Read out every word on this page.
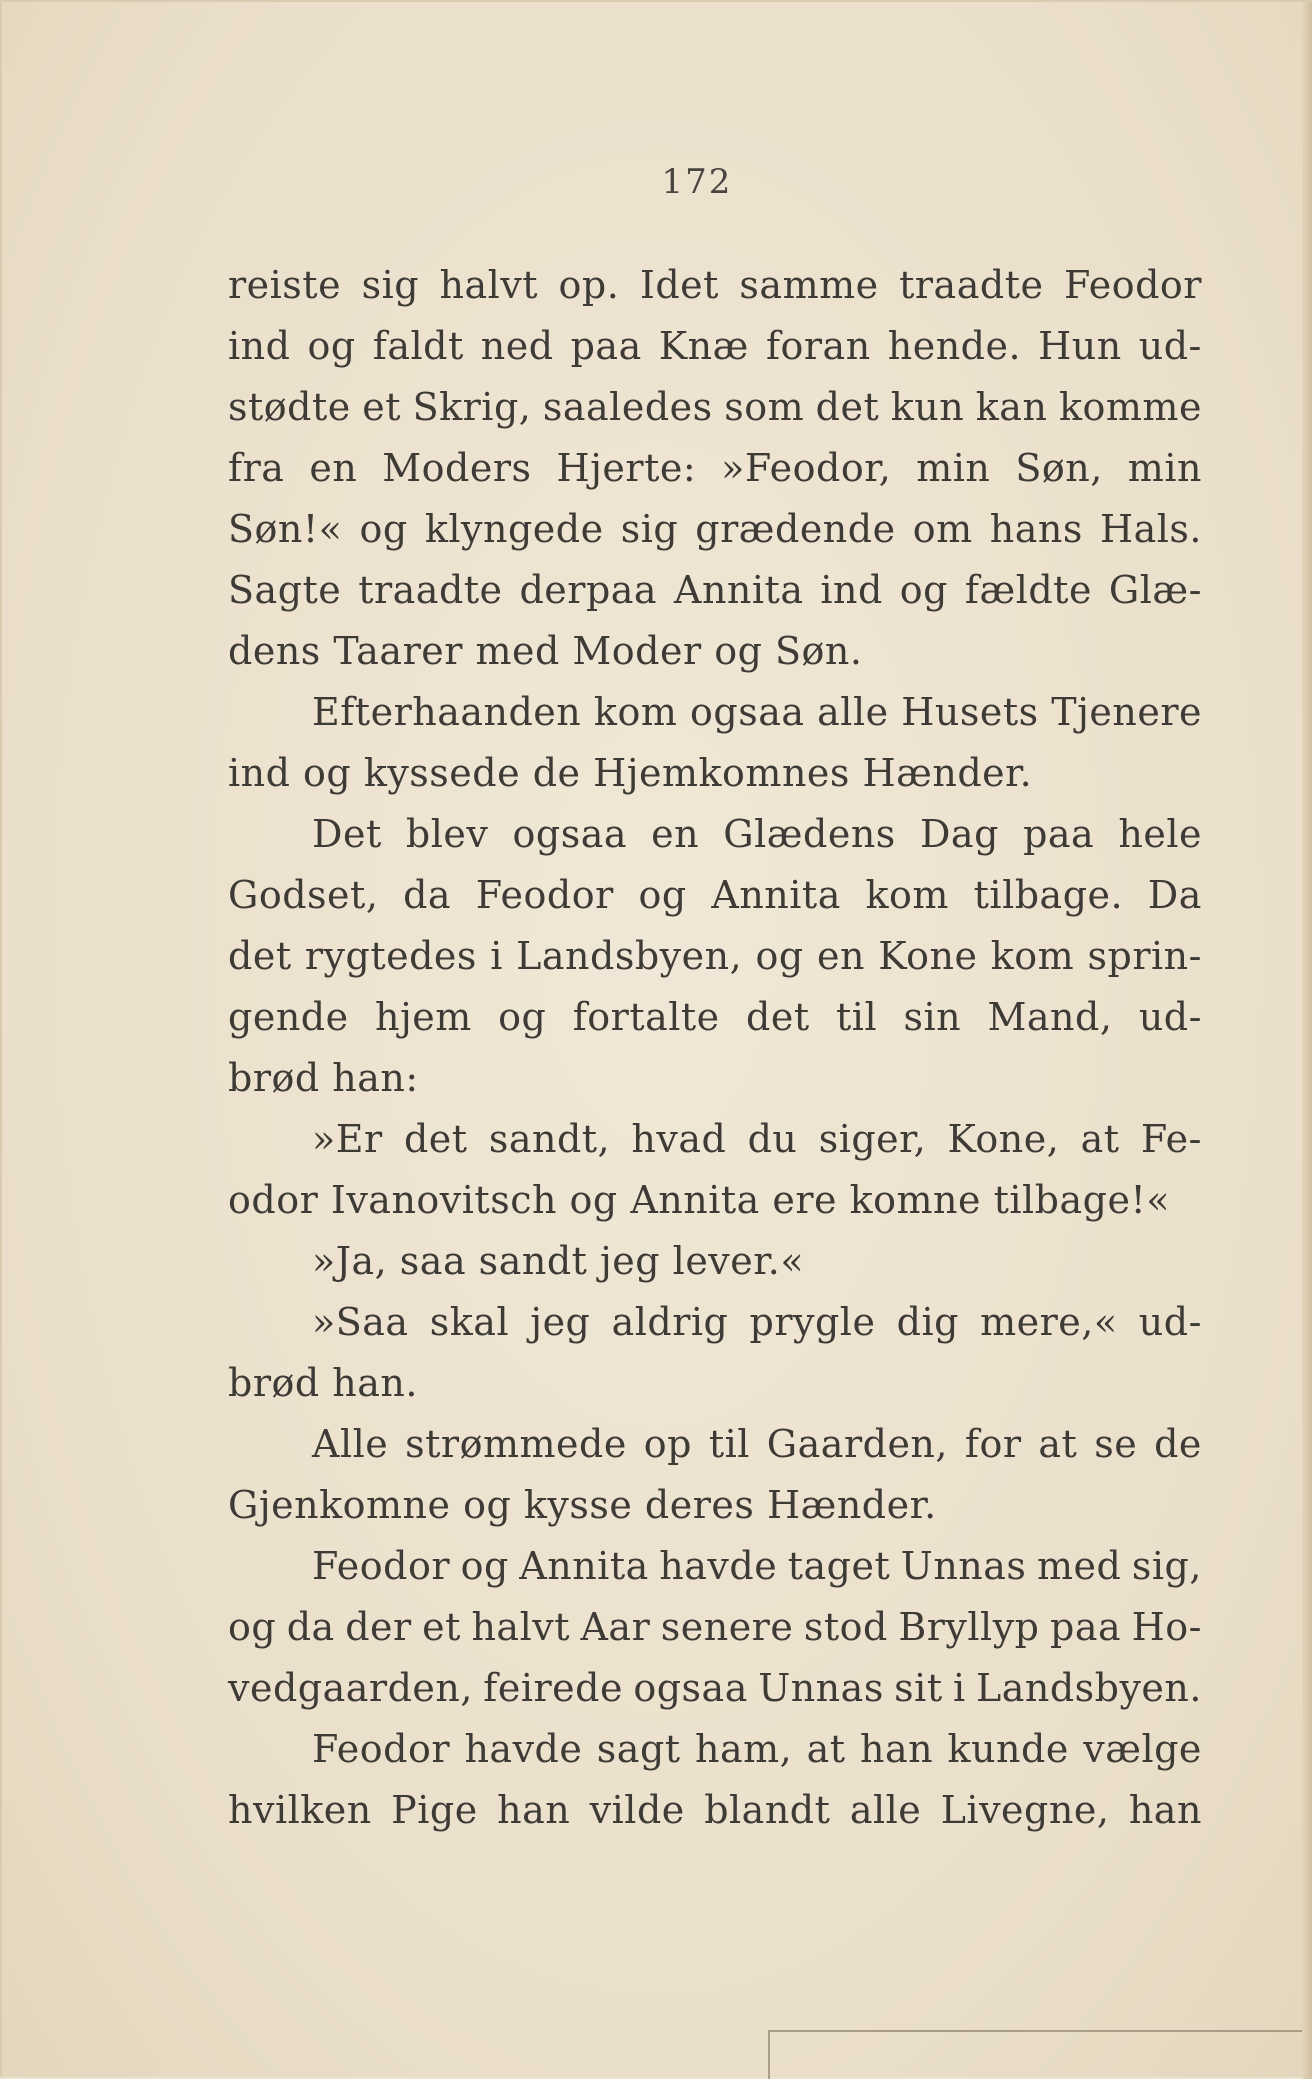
172
reiste sig halvt op. Idet samme traadte Feodor
ind og faldt ned paa Knæ foran hende. Hun ud-
stødte et Skrig, saaledes som det kun kan komme
fra en Moders Hjerte: »Feodor, min Søn, min
Søn!« og klyngede sig grædende om hans Hals.
Sagte traadte derpaa Annita ind og fældte Glæ-
dens Taarer med Moder og Søn.
Efterhaanden kom ogsaa alle Husets Tjenere
ind og kyssede de Hjemkomnes Hænder.
Det blev ogsaa en Glædens Dag paa hele
Godset, da Feodor og Annita kom tilbage. Da
det rygtedes i Landsbyen, og en Kone kom sprin-
gende hjem og fortalte det til sin Mand, ud-
brød han:
»Er det sandt, hvad du siger, Kone, at Fe-
odor Ivanovitsch og Annita ere komne tilbage!«
»Ja, saa sandt jeg lever.«
»Saa skal jeg aldrig prygle dig mere,« ud-
brød han.
Alle strømmede op til Gaarden, for at se de
Gjenkomne og kysse deres Hænder.
Feodor og Annita havde taget Unnas med sig,
og da der et halvt Aar senere stod Bryllyp paa Ho-
vedgaarden, feirede ogsaa Unnas sit i Landsbyen.
Feodor havde sagt ham, at han kunde vælge
hvilken Pige han vilde blandt alle Livegne, han
